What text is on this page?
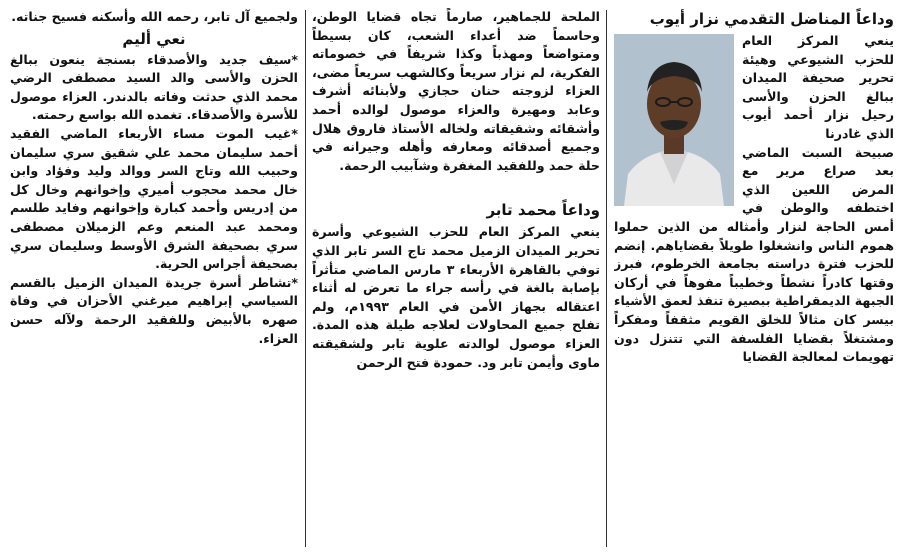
وداعاً المناضل التقدمي نزار أيوب

ينعي المركز العام للحزب الشيوعي وهيئة تحرير صحيفة الميدان ببالغ الحزن والأسى رحيل نزار أحمد أيوب الذي غادرنا

صبيحة السبت الماضي بعد صراع مرير مع المرض اللعين الذي اختطفه والوطن في أمس الحاجة لنزار وأمثاله من الذين حملوا هموم الناس وانشغلوا طويلاً بقضاياهم. إنضم للحزب فترة دراسته بجامعة الخرطوم، فبرز وقتها كادراً نشطاً وخطيباً مفوهاً في أركان الجبهة الديمقراطية ببصيرة تنفذ لعمق الأشياء بيسر كان مثالاً للخلق القويم مثقفاً ومفكراً ومشتغلاً بقضايا الفلسفة التي تتنزل دون تهويمات لمعالجة القضايا

الملحة للجماهير، صارماً تجاه قضايا الوطن، وحاسماً ضد أعداء الشعب، كان بسيطاً ومتواضعاً ومهذباً وكذا شريفاً في خصوماته الفكرية، لم نزار سريعاً وكالشهب سريعاً مضى، العزاء لزوجته حنان حجازي ولأبنائه أشرف وعابد ومهيرة والعزاء موصول لوالده أحمد وأشقائه وشقيقاته ولخاله الأستاذ فاروق هلال وجميع أصدقائه ومعارفه وأهله وجيرانه في حلة حمد وللفقيد المغفرة وشآبيب الرحمة.

وداعاً محمد تابر

ينعي المركز العام للحزب الشيوعي وأسرة تحرير الميدان الزميل محمد تاج السر تابر الذي توفي بالقاهرة الأربعاء ٣ مارس الماضي متأثراً بإصابة بالغة في رأسه جراء ما تعرض له أثناء اعتقاله بجهاز الأمن في العام ١٩٩٣م، ولم تفلح جميع المحاولات لعلاجه طيلة هذه المدة. العزاء موصول لوالدته علوية تابر ولشقيقته ماوى وأيمن تابر ود. حمودة فتح الرحمن

ولجميع آل تابر، رحمه الله وأسكنه فسيح جناته.

نعي أليم

*سيف جديد والأصدقاء بسنجة ينعون ببالغ الحزن والأسى والد السيد مصطفى الرضي محمد الذي حدثت وفاته بالدندر. العزاء موصول للأسرة والأصدقاء. تغمده الله بواسع رحمته.

*غيب الموت مساء الأربعاء الماضي الفقيد أحمد سليمان محمد علي شقيق سري سليمان وحبيب الله وتاج السر ووالد وليد وفؤاد وابن خال محمد محجوب أميري وإخوانهم وخال كل من إدريس وأحمد كبارة وإخوانهم وفايد طلسم ومحمد عبد المنعم وعم الزميلان مصطفى سري بصحيفة الشرق الأوسط وسليمان سري بصحيفة أجراس الحرية.

*تشاطر أسرة جريدة الميدان الزميل بالقسم السياسي إبراهيم ميرغني الأحزان في وفاة صهره بالأبيض وللفقيد الرحمة ولآله حسن العزاء.
